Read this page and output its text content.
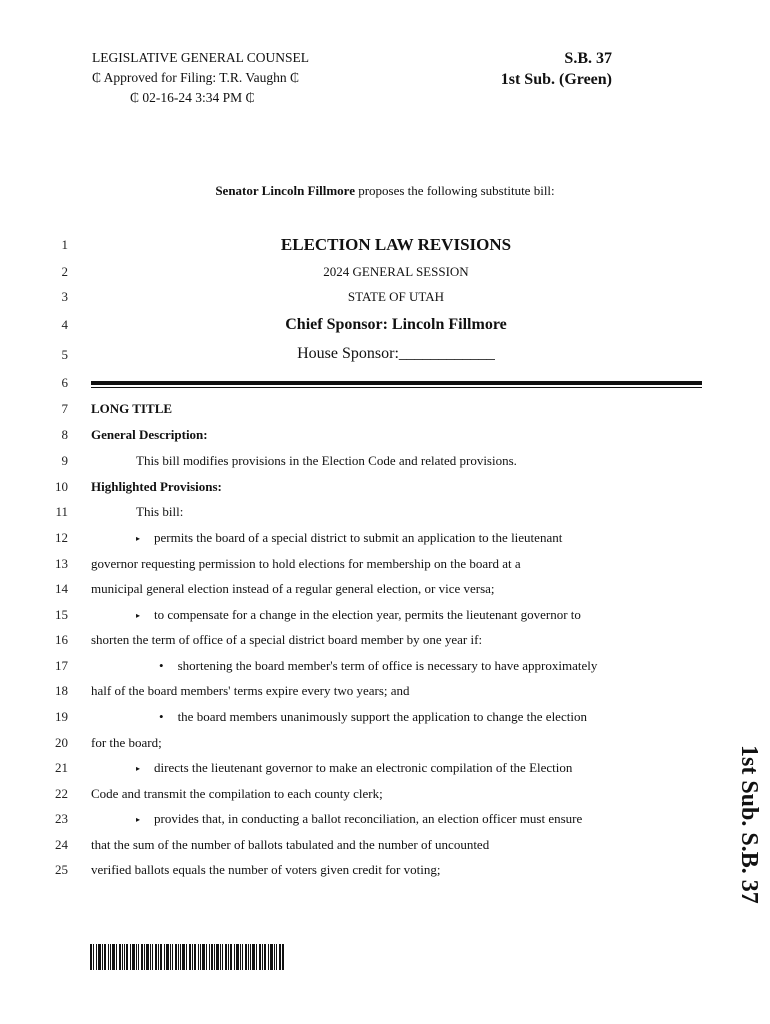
LEGISLATIVE GENERAL COUNSEL
₵ Approved for Filing: T.R. Vaughn ₵
₵ 02-16-24 3:34 PM ₵
S.B. 37
1st Sub. (Green)
Senator Lincoln Fillmore proposes the following substitute bill:
1
2
3
4
5
6
7
8
9
10
11
12
13
14
15
16
17
18
19
20
21
22
23
24
25
ELECTION LAW REVISIONS
2024 GENERAL SESSION
STATE OF UTAH
Chief Sponsor: Lincoln Fillmore
House Sponsor:____________
LONG TITLE
General Description:
This bill modifies provisions in the Election Code and related provisions.
Highlighted Provisions:
This bill:
▸ permits the board of a special district to submit an application to the lieutenant
governor requesting permission to hold elections for membership on the board at a
municipal general election instead of a regular general election, or vice versa;
▸ to compensate for a change in the election year, permits the lieutenant governor to
shorten the term of office of a special district board member by one year if:
• shortening the board member's term of office is necessary to have approximately
half of the board members' terms expire every two years; and
• the board members unanimously support the application to change the election
for the board;
▸ directs the lieutenant governor to make an electronic compilation of the Election
Code and transmit the compilation to each county clerk;
▸ provides that, in conducting a ballot reconciliation, an election officer must ensure
that the sum of the number of ballots tabulated and the number of uncounted
verified ballots equals the number of voters given credit for voting;	1st Sub. S.B. 37
